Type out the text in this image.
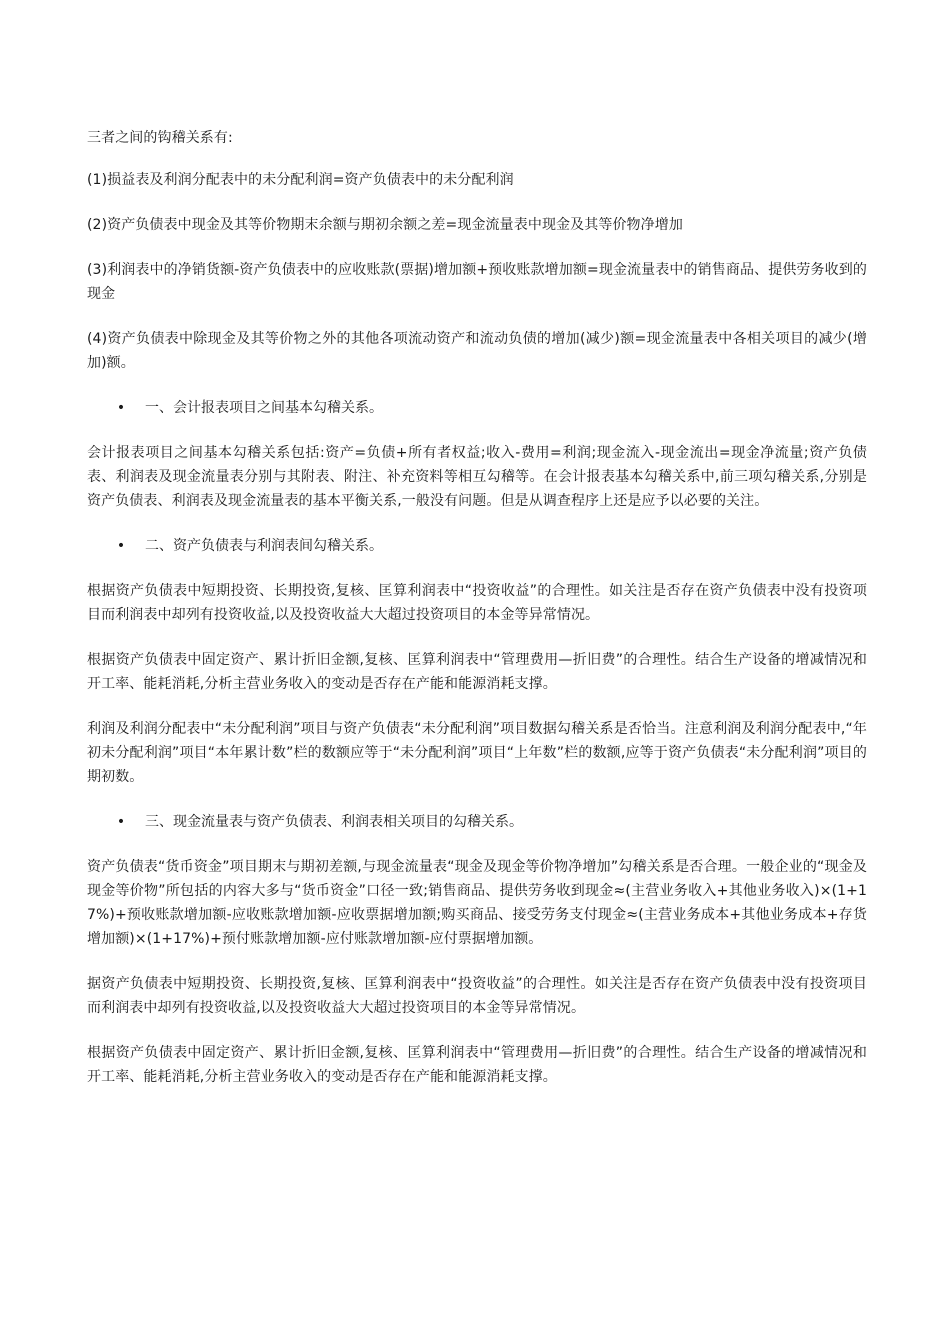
三者之间的钩稽关系有:

(1)损益表及利润分配表中的未分配利润=资产负债表中的未分配利润

(2)资产负债表中现金及其等价物期末余额与期初余额之差=现金流量表中现金及其等价物净增加

(3)利润表中的净销货额-资产负债表中的应收账款(票据)增加额+预收账款增加额=现金流量表中的销售商品、提供劳务收到的现金

(4)资产负债表中除现金及其等价物之外的其他各项流动资产和流动负债的增加(减少)额=现金流量表中各相关项目的减少(增加)额。

• 一、会计报表项目之间基本勾稽关系。

会计报表项目之间基本勾稽关系包括:资产=负债+所有者权益;收入-费用=利润;现金流入-现金流出=现金净流量;资产负债表、利润表及现金流量表分别与其附表、附注、补充资料等相互勾稽等。在会计报表基本勾稽关系中,前三项勾稽关系,分别是资产负债表、利润表及现金流量表的基本平衡关系,一般没有问题。但是从调查程序上还是应予以必要的关注。

• 二、资产负债表与利润表间勾稽关系。

根据资产负债表中短期投资、长期投资,复核、匡算利润表中“投资收益”的合理性。如关注是否存在资产负债表中没有投资项目而利润表中却列有投资收益,以及投资收益大大超过投资项目的本金等异常情况。

根据资产负债表中固定资产、累计折旧金额,复核、匡算利润表中“管理费用—折旧费”的合理性。结合生产设备的增减情况和开工率、能耗消耗,分析主营业务收入的变动是否存在产能和能源消耗支撑。

利润及利润分配表中“未分配利润”项目与资产负债表“未分配利润”项目数据勾稽关系是否恰当。注意利润及利润分配表中,“年初未分配利润”项目“本年累计数”栏的数额应等于“未分配利润”项目“上年数”栏的数额,应等于资产负债表“未分配利润”项目的期初数。

• 三、现金流量表与资产负债表、利润表相关项目的勾稽关系。

资产负债表“货币资金”项目期末与期初差额,与现金流量表“现金及现金等价物净增加”勾稽关系是否合理。一般企业的“现金及现金等价物”所包括的内容大多与“货币资金”口径一致;销售商品、提供劳务收到现金≈(主营业务收入+其他业务收入)×(1+17%)+预收账款增加额-应收账款增加额-应收票据增加额;购买商品、接受劳务支付现金≈(主营业务成本+其他业务成本+存货增加额)×(1+17%)+预付账款增加额-应付账款增加额-应付票据增加额。

据资产负债表中短期投资、长期投资,复核、匡算利润表中“投资收益”的合理性。如关注是否存在资产负债表中没有投资项目而利润表中却列有投资收益,以及投资收益大大超过投资项目的本金等异常情况。

根据资产负债表中固定资产、累计折旧金额,复核、匡算利润表中“管理费用—折旧费”的合理性。结合生产设备的增减情况和开工率、能耗消耗,分析主营业务收入的变动是否存在产能和能源消耗支撑。
